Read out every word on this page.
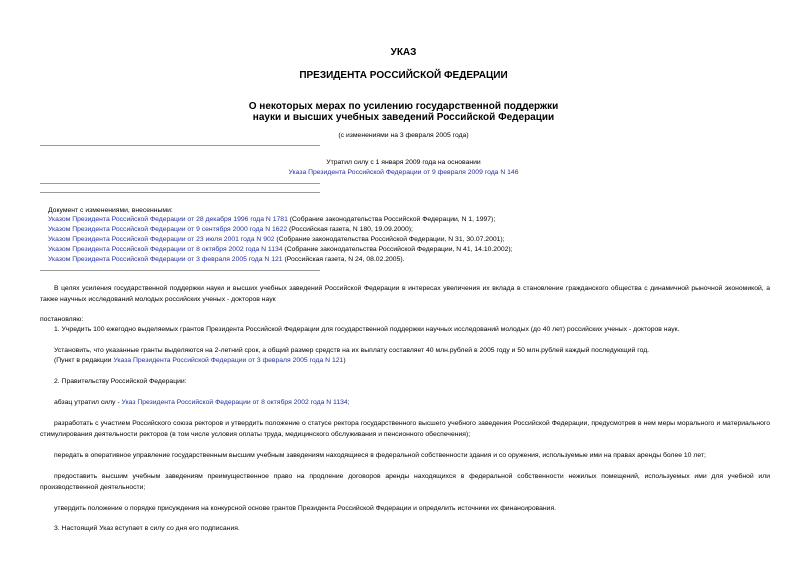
УКАЗ
ПРЕЗИДЕНТА РОССИЙСКОЙ ФЕДЕРАЦИИ
О некоторых мерах по усилению государственной поддержки
науки и высших учебных заведений Российской Федерации
(с изменениями на 3 февраля 2005 года)
Утратил силу с 1 января 2009 года на основании
Указа Президента Российской Федерации от 9 февраля 2009 года N 146
Документ с изменениями, внесенными:
Указом Президента Российской Федерации от 28 декабря 1996 года N 1781 (Собрание законодательства Российской Федерации, N 1, 1997);
Указом Президента Российской Федерации от 9 сентября 2000 года N 1622 (Российская газета, N 180, 19.09.2000);
Указом Президента Российской Федерации от 23 июля 2001 года N 902 (Собрание законодательства Российской Федерации, N 31, 30.07.2001);
Указом Президента Российской Федерации от 8 октября 2002 года N 1134 (Собрание законодательства Российской Федерации, N 41, 14.10.2002);
Указом Президента Российской Федерации от 3 февраля 2005 года N 121 (Российская газета, N 24, 08.02.2005).
В целях усиления государственной поддержки науки и высших учебных заведений Российской Федерации в интересах увеличения их вклада в становление гражданского общества с динамичной рыночной экономикой, а также научных исследований молодых российских ученых - докторов наук
постановляю:
1. Учредить 100 ежегодно выделяемых грантов Президента Российской Федерации для государственной поддержки научных исследований молодых (до 40 лет) российских ученых - докторов наук.
Установить, что указанные гранты выделяются на 2-летний срок, а общий размер средств на их выплату составляет 40 млн.рублей в 2005 году и 50 млн.рублей каждый последующий год.
(Пункт в редакции Указа Президента Российской Федерации от 3 февраля 2005 года N 121)
2. Правительству Российской Федерации:
абзац утратил силу - Указ Президента Российской Федерации от 8 октября 2002 года N 1134;
разработать с участием Российского союза ректоров и утвердить положение о статусе ректора государственного высшего учебного заведения Российской Федерации, предусмотрев в нем меры морального и материального стимулирования деятельности ректоров (в том числе условия оплаты труда, медицинского обслуживания и пенсионного обеспечения);
передать в оперативное управление государственным высшим учебным заведениям находящиеся в федеральной собственности здания и со оружения, используемые ими на правах аренды более 10 лет;
предоставить высшим учебным заведениям преимущественное право на продление договоров аренды находящихся в федеральной собственности нежилых помещений, используемых ими для учебной или производственной деятельности;
утвердить положение о порядке присуждения на конкурсной основе грантов Президента Российской Федерации и определить источники их финансирования.
3. Настоящий Указ вступает в силу со дня его подписания.
